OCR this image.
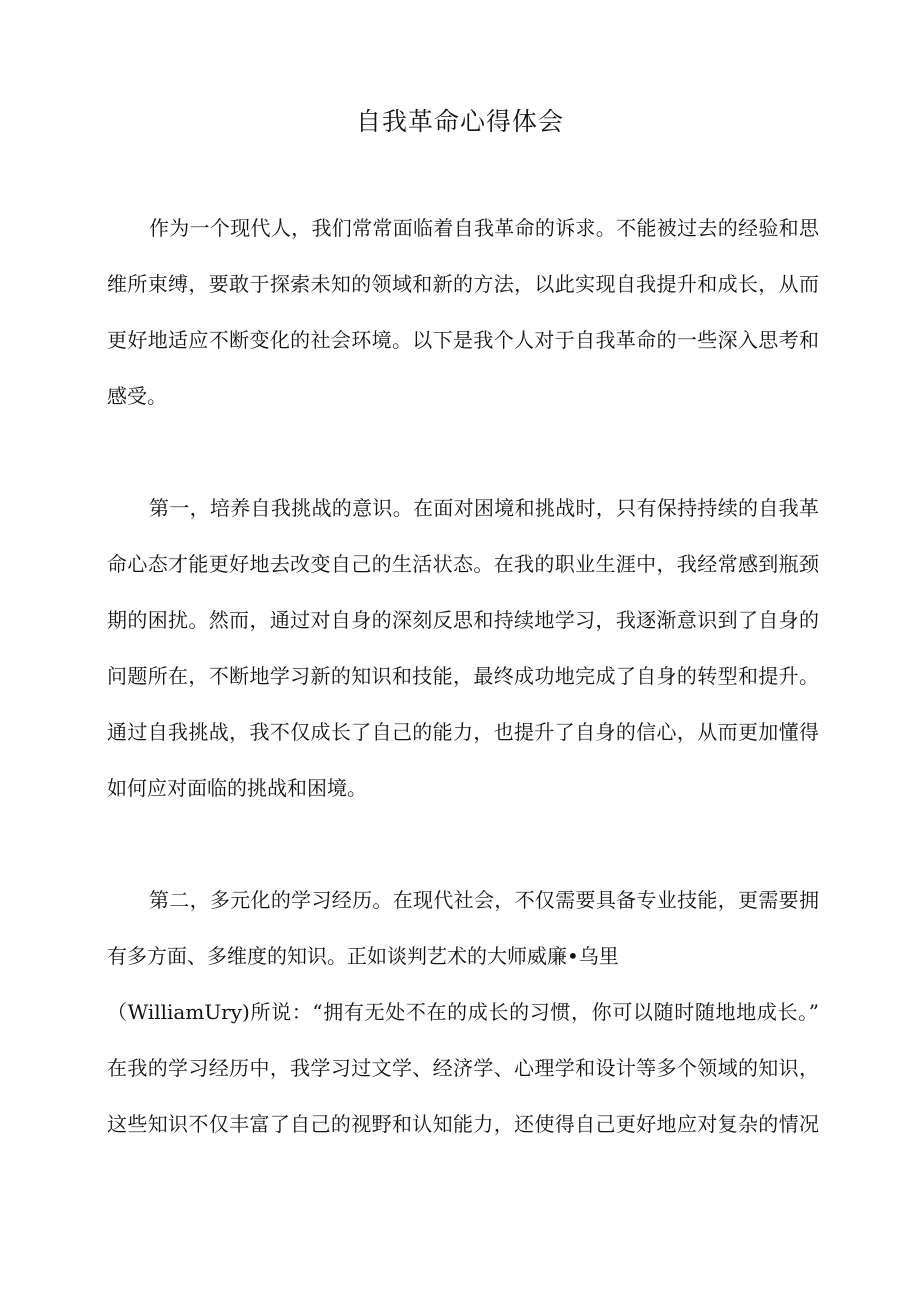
自我革命心得体会

作为一个现代人，我们常常面临着自我革命的诉求。不能被过去的经验和思
维所束缚，要敢于探索未知的领域和新的方法，以此实现自我提升和成长，从而
更好地适应不断变化的社会环境。以下是我个人对于自我革命的一些深入思考和
感受。

第一，培养自我挑战的意识。在面对困境和挑战时，只有保持持续的自我革
命心态才能更好地去改变自己的生活状态。在我的职业生涯中，我经常感到瓶颈
期的困扰。然而，通过对自身的深刻反思和持续地学习，我逐渐意识到了自身的
问题所在，不断地学习新的知识和技能，最终成功地完成了自身的转型和提升。
通过自我挑战，我不仅成长了自己的能力，也提升了自身的信心，从而更加懂得
如何应对面临的挑战和困境。

第二，多元化的学习经历。在现代社会，不仅需要具备专业技能，更需要拥
有多方面、多维度的知识。正如谈判艺术的大师威廉•乌里
（WilliamUry)所说：“拥有无处不在的成长的习惯，你可以随时随地地成长。”
在我的学习经历中，我学习过文学、经济学、心理学和设计等多个领域的知识，
这些知识不仅丰富了自己的视野和认知能力，还使得自己更好地应对复杂的情况
